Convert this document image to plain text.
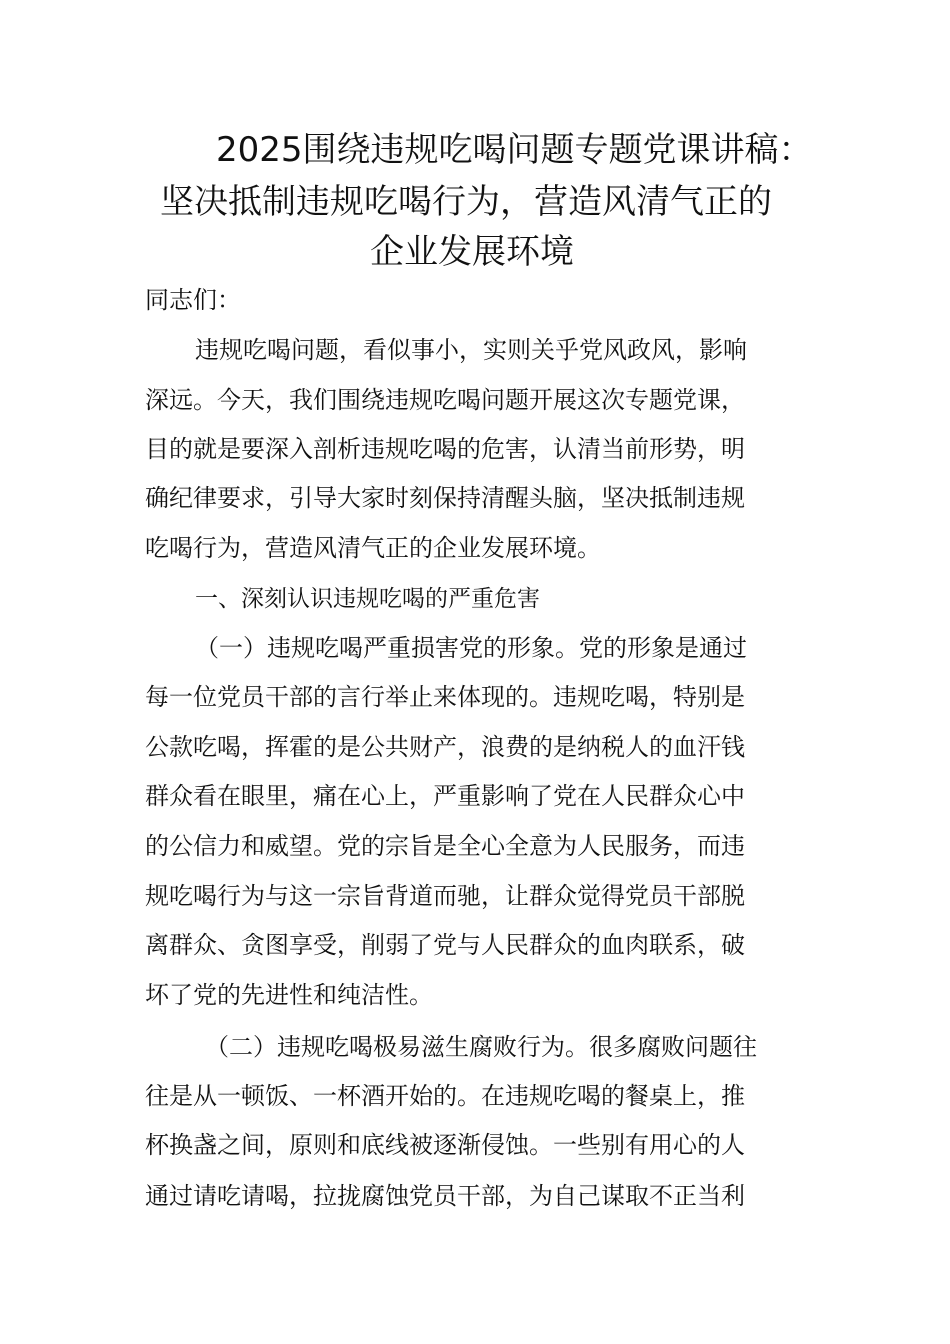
2025围绕违规吃喝问题专题党课讲稿：
坚决抵制违规吃喝行为，营造风清气正的
企业发展环境
同志们：
违规吃喝问题，看似事小，实则关乎党风政风，影响
深远。今天，我们围绕违规吃喝问题开展这次专题党课，
目的就是要深入剖析违规吃喝的危害，认清当前形势，明
确纪律要求，引导大家时刻保持清醒头脑，坚决抵制违规
吃喝行为，营造风清气正的企业发展环境。
一、深刻认识违规吃喝的严重危害
（一）违规吃喝严重损害党的形象。党的形象是通过
每一位党员干部的言行举止来体现的。违规吃喝，特别是
公款吃喝，挥霍的是公共财产，浪费的是纳税人的血汗钱
群众看在眼里，痛在心上，严重影响了党在人民群众心中
的公信力和威望。党的宗旨是全心全意为人民服务，而违
规吃喝行为与这一宗旨背道而驰，让群众觉得党员干部脱
离群众、贪图享受，削弱了党与人民群众的血肉联系，破
坏了党的先进性和纯洁性。
（二）违规吃喝极易滋生腐败行为。很多腐败问题往
往是从一顿饭、一杯酒开始的。在违规吃喝的餐桌上，推
杯换盏之间，原则和底线被逐渐侵蚀。一些别有用心的人
通过请吃请喝，拉拢腐蚀党员干部，为自己谋取不正当利
